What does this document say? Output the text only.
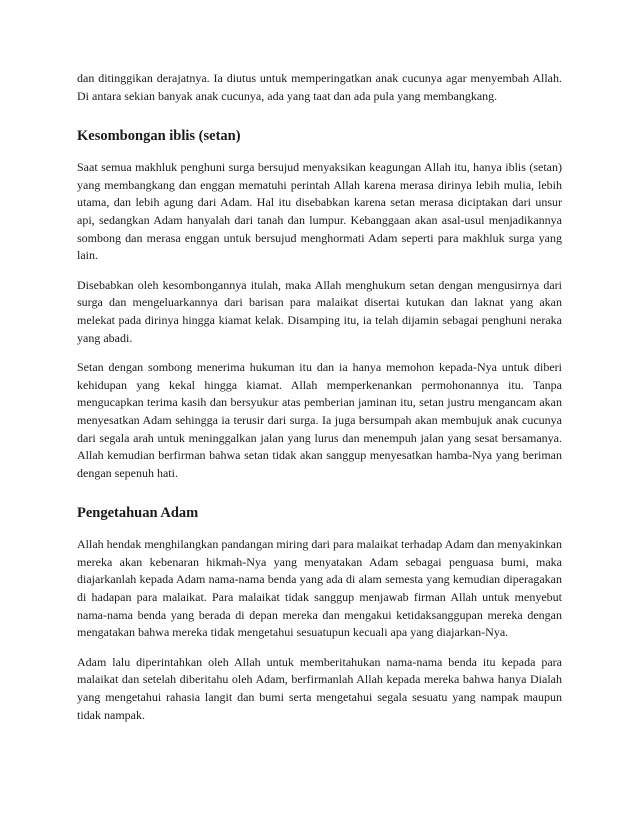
dan ditinggikan derajatnya. Ia diutus untuk memperingatkan anak cucunya agar menyembah Allah. Di antara sekian banyak anak cucunya, ada yang taat dan ada pula yang membangkang.

Kesombongan iblis (setan)

Saat semua makhluk penghuni surga bersujud menyaksikan keagungan Allah itu, hanya iblis (setan) yang membangkang dan enggan mematuhi perintah Allah karena merasa dirinya lebih mulia, lebih utama, dan lebih agung dari Adam. Hal itu disebabkan karena setan merasa diciptakan dari unsur api, sedangkan Adam hanyalah dari tanah dan lumpur. Kebanggaan akan asal-usul menjadikannya sombong dan merasa enggan untuk bersujud menghormati Adam seperti para makhluk surga yang lain.

Disebabkan oleh kesombongannya itulah, maka Allah menghukum setan dengan mengusirnya dari surga dan mengeluarkannya dari barisan para malaikat disertai kutukan dan laknat yang akan melekat pada dirinya hingga kiamat kelak. Disamping itu, ia telah dijamin sebagai penghuni neraka yang abadi.

Setan dengan sombong menerima hukuman itu dan ia hanya memohon kepada-Nya untuk diberi kehidupan yang kekal hingga kiamat. Allah memperkenankan permohonannya itu. Tanpa mengucapkan terima kasih dan bersyukur atas pemberian jaminan itu, setan justru mengancam akan menyesatkan Adam sehingga ia terusir dari surga. Ia juga bersumpah akan membujuk anak cucunya dari segala arah untuk meninggalkan jalan yang lurus dan menempuh jalan yang sesat bersamanya. Allah kemudian berfirman bahwa setan tidak akan sanggup menyesatkan hamba-Nya yang beriman dengan sepenuh hati.

Pengetahuan Adam

Allah hendak menghilangkan pandangan miring dari para malaikat terhadap Adam dan menyakinkan mereka akan kebenaran hikmah-Nya yang menyatakan Adam sebagai penguasa bumi, maka diajarkanlah kepada Adam nama-nama benda yang ada di alam semesta yang kemudian diperagakan di hadapan para malaikat. Para malaikat tidak sanggup menjawab firman Allah untuk menyebut nama-nama benda yang berada di depan mereka dan mengakui ketidaksanggupan mereka dengan mengatakan bahwa mereka tidak mengetahui sesuatupun kecuali apa yang diajarkan-Nya.

Adam lalu diperintahkan oleh Allah untuk memberitahukan nama-nama benda itu kepada para malaikat dan setelah diberitahu oleh Adam, berfirmanlah Allah kepada mereka bahwa hanya Dialah yang mengetahui rahasia langit dan bumi serta mengetahui segala sesuatu yang nampak maupun tidak nampak.
